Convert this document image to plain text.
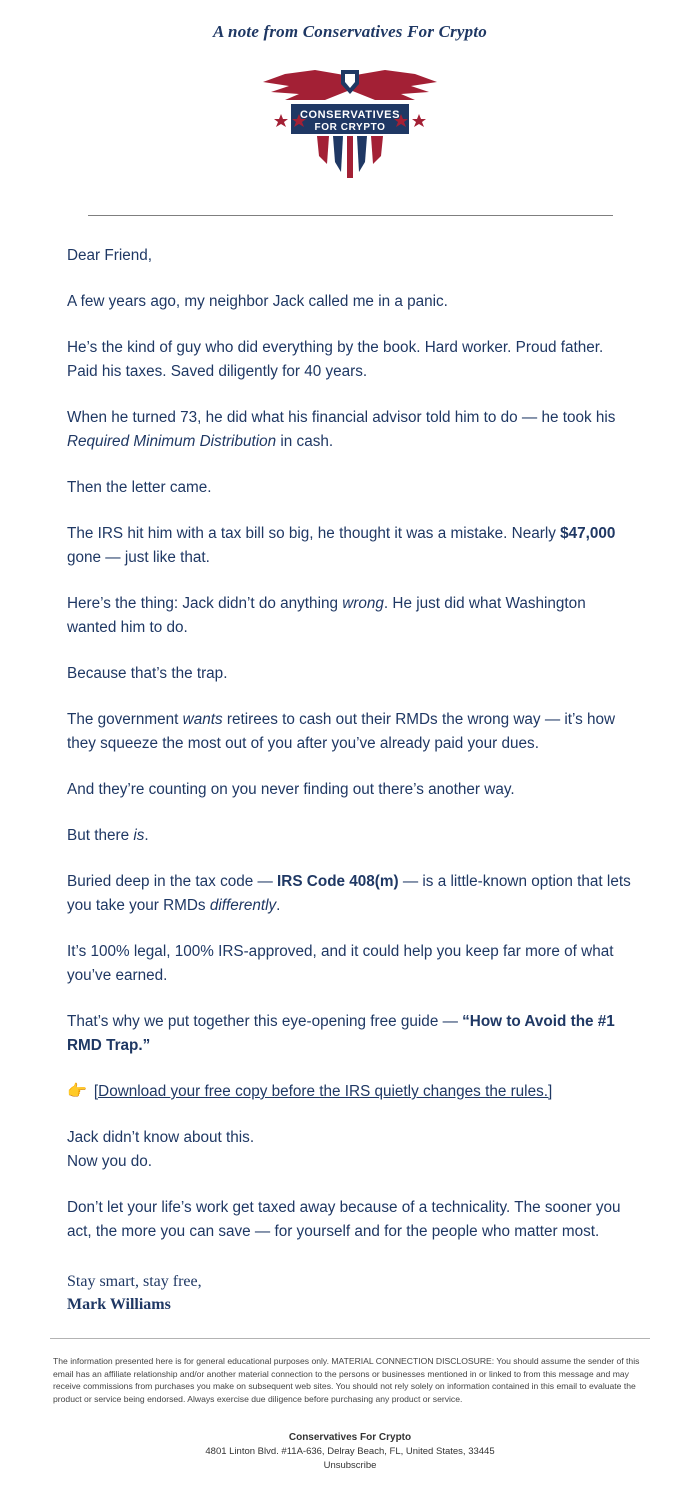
A note from Conservatives For Crypto
CONSERVATIVES
FOR CRYPTO

Dear Friend,

A few years ago, my neighbor Jack called me in a panic.

He’s the kind of guy who did everything by the book. Hard worker. Proud father. Paid his taxes. Saved diligently for 40 years.

When he turned 73, he did what his financial advisor told him to do — he took his Required Minimum Distribution in cash.

Then the letter came.

The IRS hit him with a tax bill so big, he thought it was a mistake. Nearly $47,000 gone — just like that.

Here’s the thing: Jack didn’t do anything wrong. He just did what Washington wanted him to do.

Because that’s the trap.

The government wants retirees to cash out their RMDs the wrong way — it’s how they squeeze the most out of you after you’ve already paid your dues.

And they’re counting on you never finding out there’s another way.

But there is.

Buried deep in the tax code — IRS Code 408(m) — is a little-known option that lets you take your RMDs differently.

It’s 100% legal, 100% IRS-approved, and it could help you keep far more of what you’ve earned.

That’s why we put together this eye-opening free guide — “How to Avoid the #1 RMD Trap.”

👉 [Download your free copy before the IRS quietly changes the rules.]

Jack didn’t know about this.
Now you do.

Don’t let your life’s work get taxed away because of a technicality. The sooner you act, the more you can save — for yourself and for the people who matter most.

Stay smart, stay free,
Mark Williams
The information presented here is for general educational purposes only. MATERIAL CONNECTION DISCLOSURE: You should assume the sender of this email has an affiliate relationship and/or another material connection to the persons or businesses mentioned in or linked to from this message and may receive commissions from purchases you make on subsequent web sites. You should not rely solely on information contained in this email to evaluate the product or service being endorsed. Always exercise due diligence before purchasing any product or service.
Conservatives For Crypto
4801 Linton Blvd. #11A-636, Delray Beach, FL, United States, 33445
Unsubscribe
